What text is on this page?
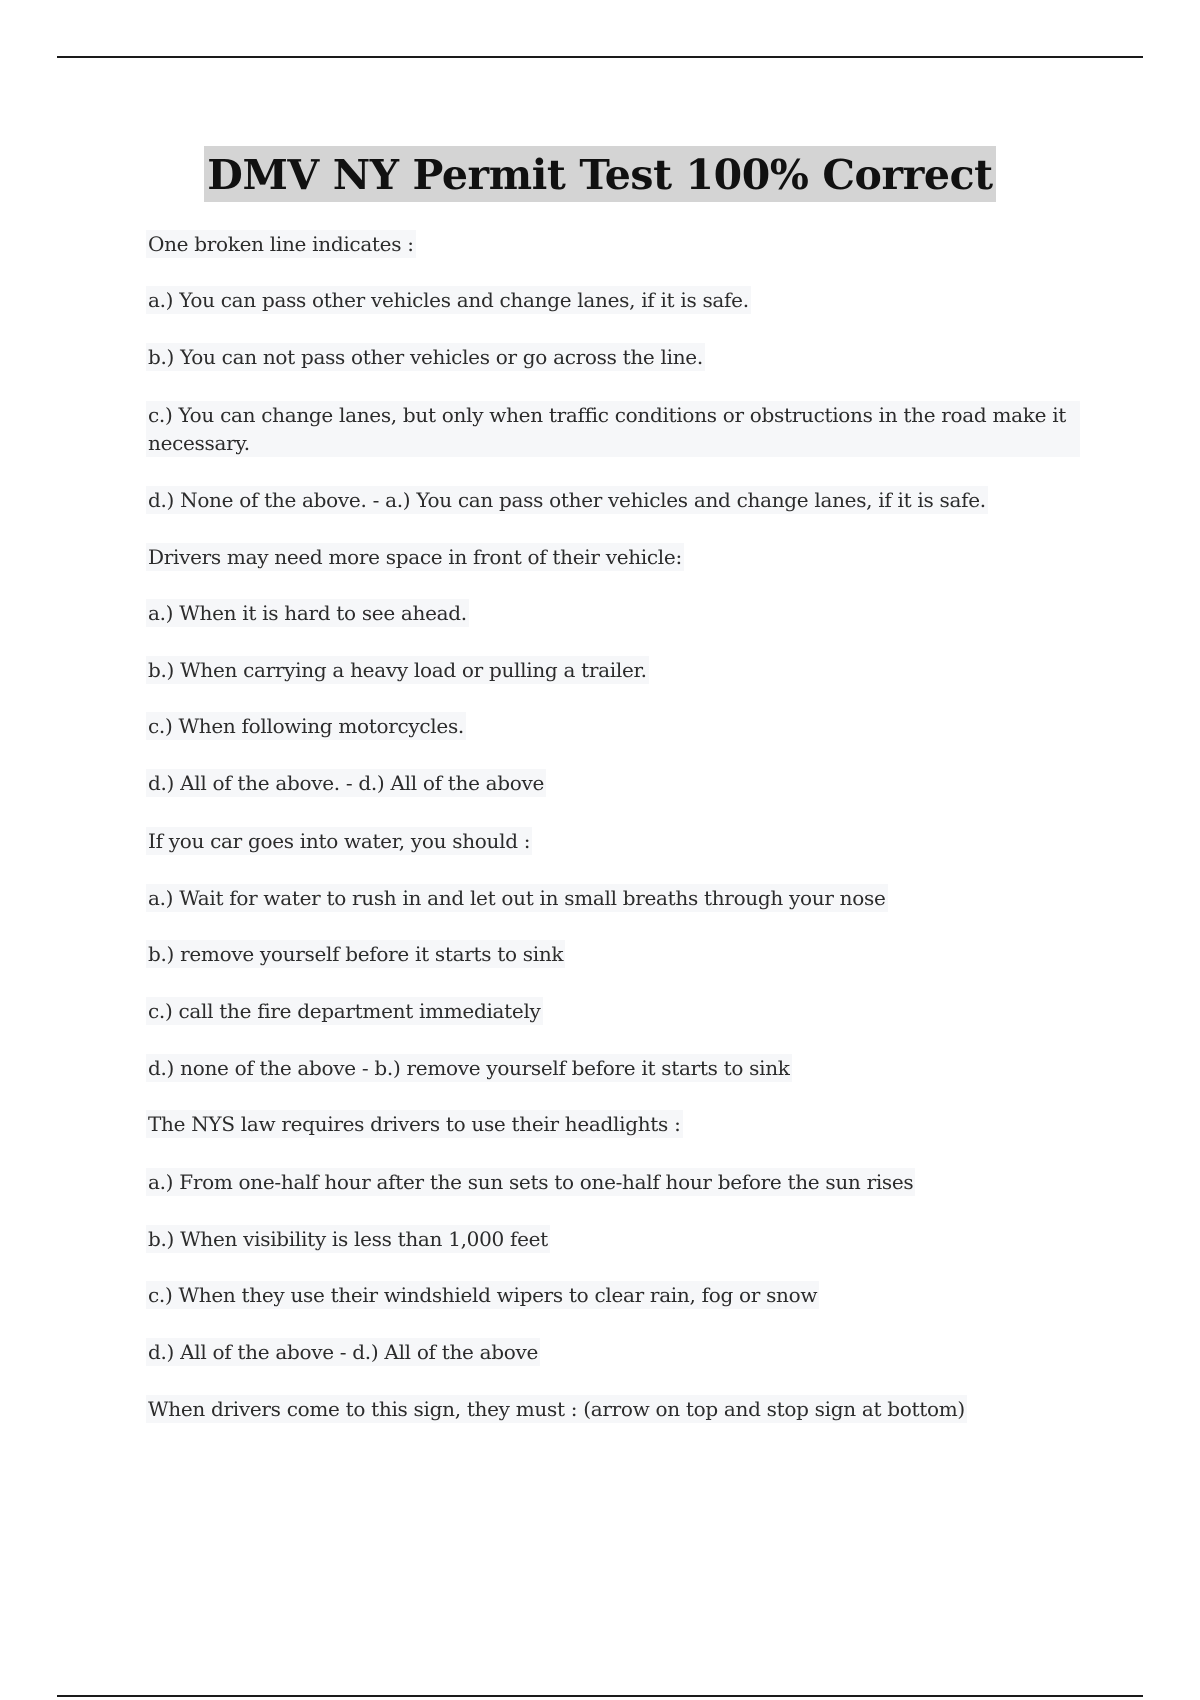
DMV NY Permit Test 100% Correct
One broken line indicates :
a.) You can pass other vehicles and change lanes, if it is safe.
b.) You can not pass other vehicles or go across the line.
c.) You can change lanes, but only when traffic conditions or obstructions in the road make it necessary.
d.) None of the above. - a.) You can pass other vehicles and change lanes, if it is safe.
Drivers may need more space in front of their vehicle:
a.) When it is hard to see ahead.
b.) When carrying a heavy load or pulling a trailer.
c.) When following motorcycles.
d.) All of the above. - d.) All of the above
If you car goes into water, you should :
a.) Wait for water to rush in and let out in small breaths through your nose
b.) remove yourself before it starts to sink
c.) call the fire department immediately
d.) none of the above - b.) remove yourself before it starts to sink
The NYS law requires drivers to use their headlights :
a.) From one-half hour after the sun sets to one-half hour before the sun rises
b.) When visibility is less than 1,000 feet
c.) When they use their windshield wipers to clear rain, fog or snow
d.) All of the above - d.) All of the above
When drivers come to this sign, they must : (arrow on top and stop sign at bottom)
